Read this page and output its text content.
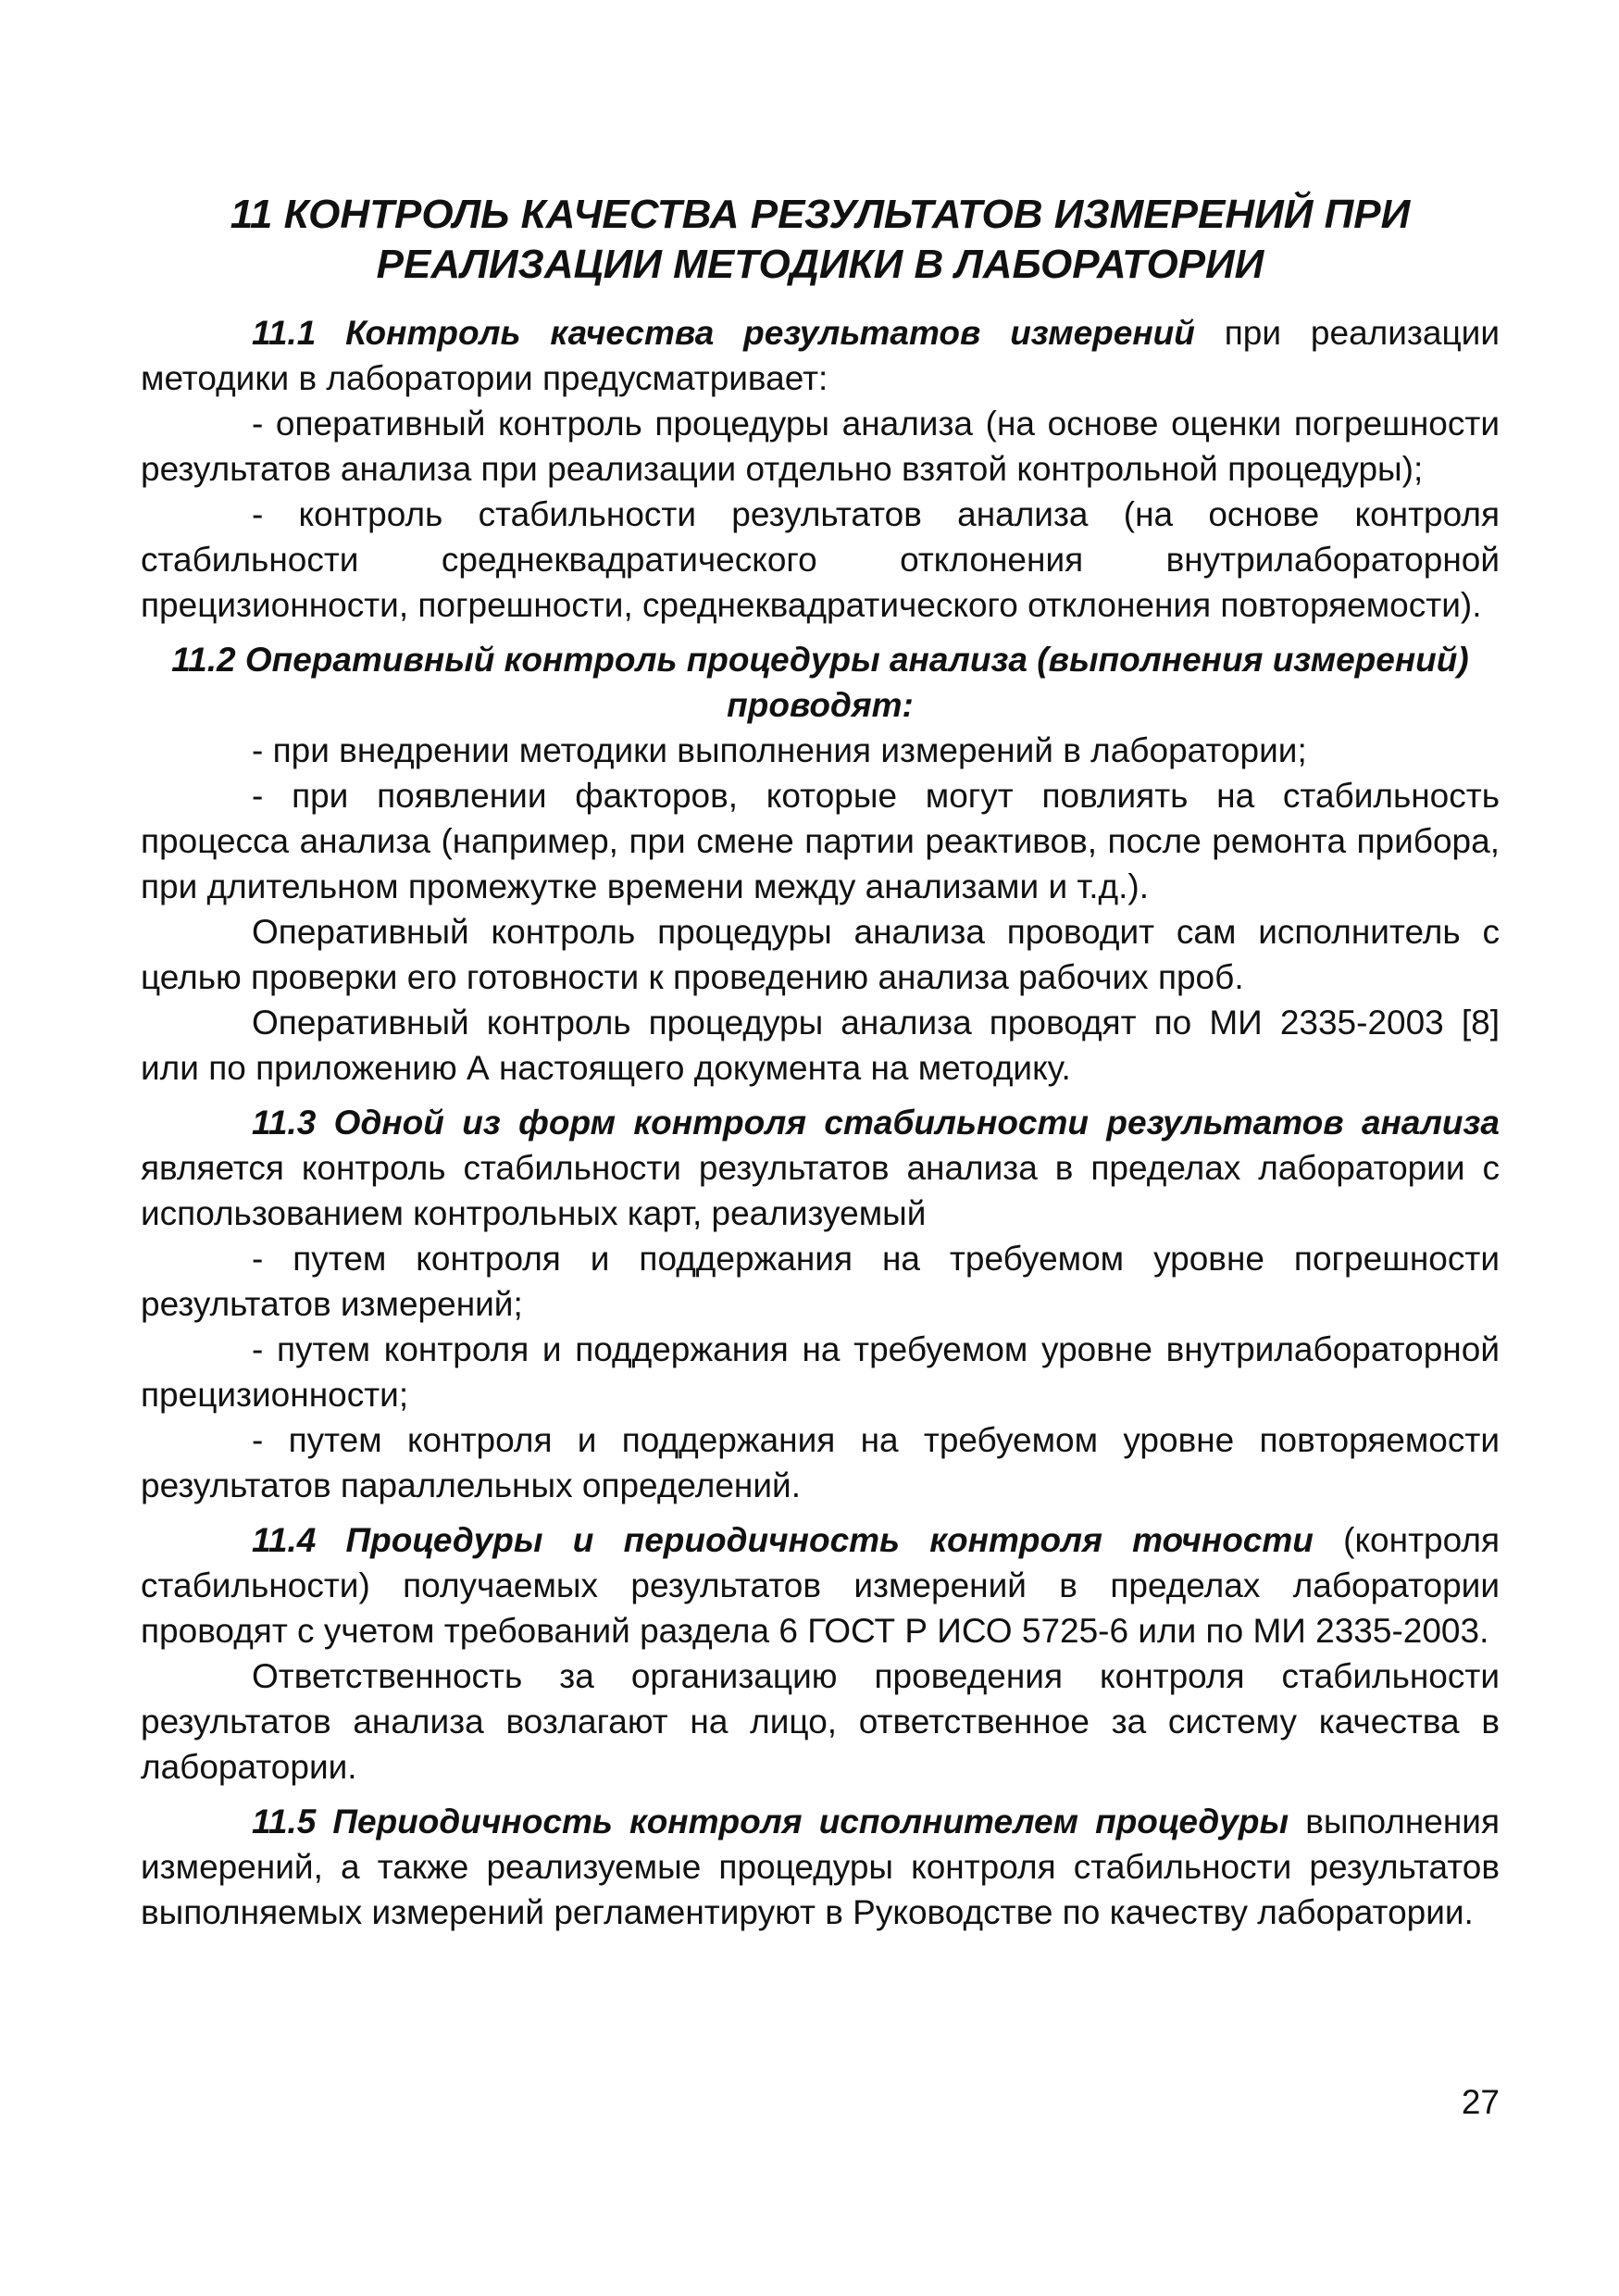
11 КОНТРОЛЬ КАЧЕСТВА РЕЗУЛЬТАТОВ ИЗМЕРЕНИЙ ПРИ
РЕАЛИЗАЦИИ МЕТОДИКИ В ЛАБОРАТОРИИ

11.1 Контроль качества результатов измерений при реализации методики в лаборатории предусматривает:

- оперативный контроль процедуры анализа (на основе оценки погрешности результатов анализа при реализации отдельно взятой контрольной процедуры);

- контроль стабильности результатов анализа (на основе контроля стабильности среднеквадратического отклонения внутрилабораторной прецизионности, погрешности, среднеквадратического отклонения повторяемости).

11.2 Оперативный контроль процедуры анализа (выполнения измерений) проводят:

- при внедрении методики выполнения измерений в лаборатории;

- при появлении факторов, которые могут повлиять на стабильность процесса анализа (например, при смене партии реактивов, после ремонта прибора, при длительном промежутке времени между анализами и т.д.).

Оперативный контроль процедуры анализа проводит сам исполнитель с целью проверки его готовности к проведению анализа рабочих проб.

Оперативный контроль процедуры анализа проводят по МИ 2335-2003 [8] или по приложению А настоящего документа на методику.

11.3 Одной из форм контроля стабильности результатов анализа является контроль стабильности результатов анализа в пределах лаборатории с использованием контрольных карт, реализуемый

- путем контроля и поддержания на требуемом уровне погрешности результатов измерений;

- путем контроля и поддержания на требуемом уровне внутрилабораторной прецизионности;

- путем контроля и поддержания на требуемом уровне повторяемости результатов параллельных определений.

11.4 Процедуры и периодичность контроля точности (контроля стабильности) получаемых результатов измерений в пределах лаборатории проводят с учетом требований раздела 6 ГОСТ Р ИСО 5725-6 или по МИ 2335-2003.

Ответственность за организацию проведения контроля стабильности результатов анализа возлагают на лицо, ответственное за систему качества в лаборатории.

11.5 Периодичность контроля исполнителем процедуры выполнения измерений, а также реализуемые процедуры контроля стабильности результатов выполняемых измерений регламентируют в Руководстве по качеству лаборатории.

27
